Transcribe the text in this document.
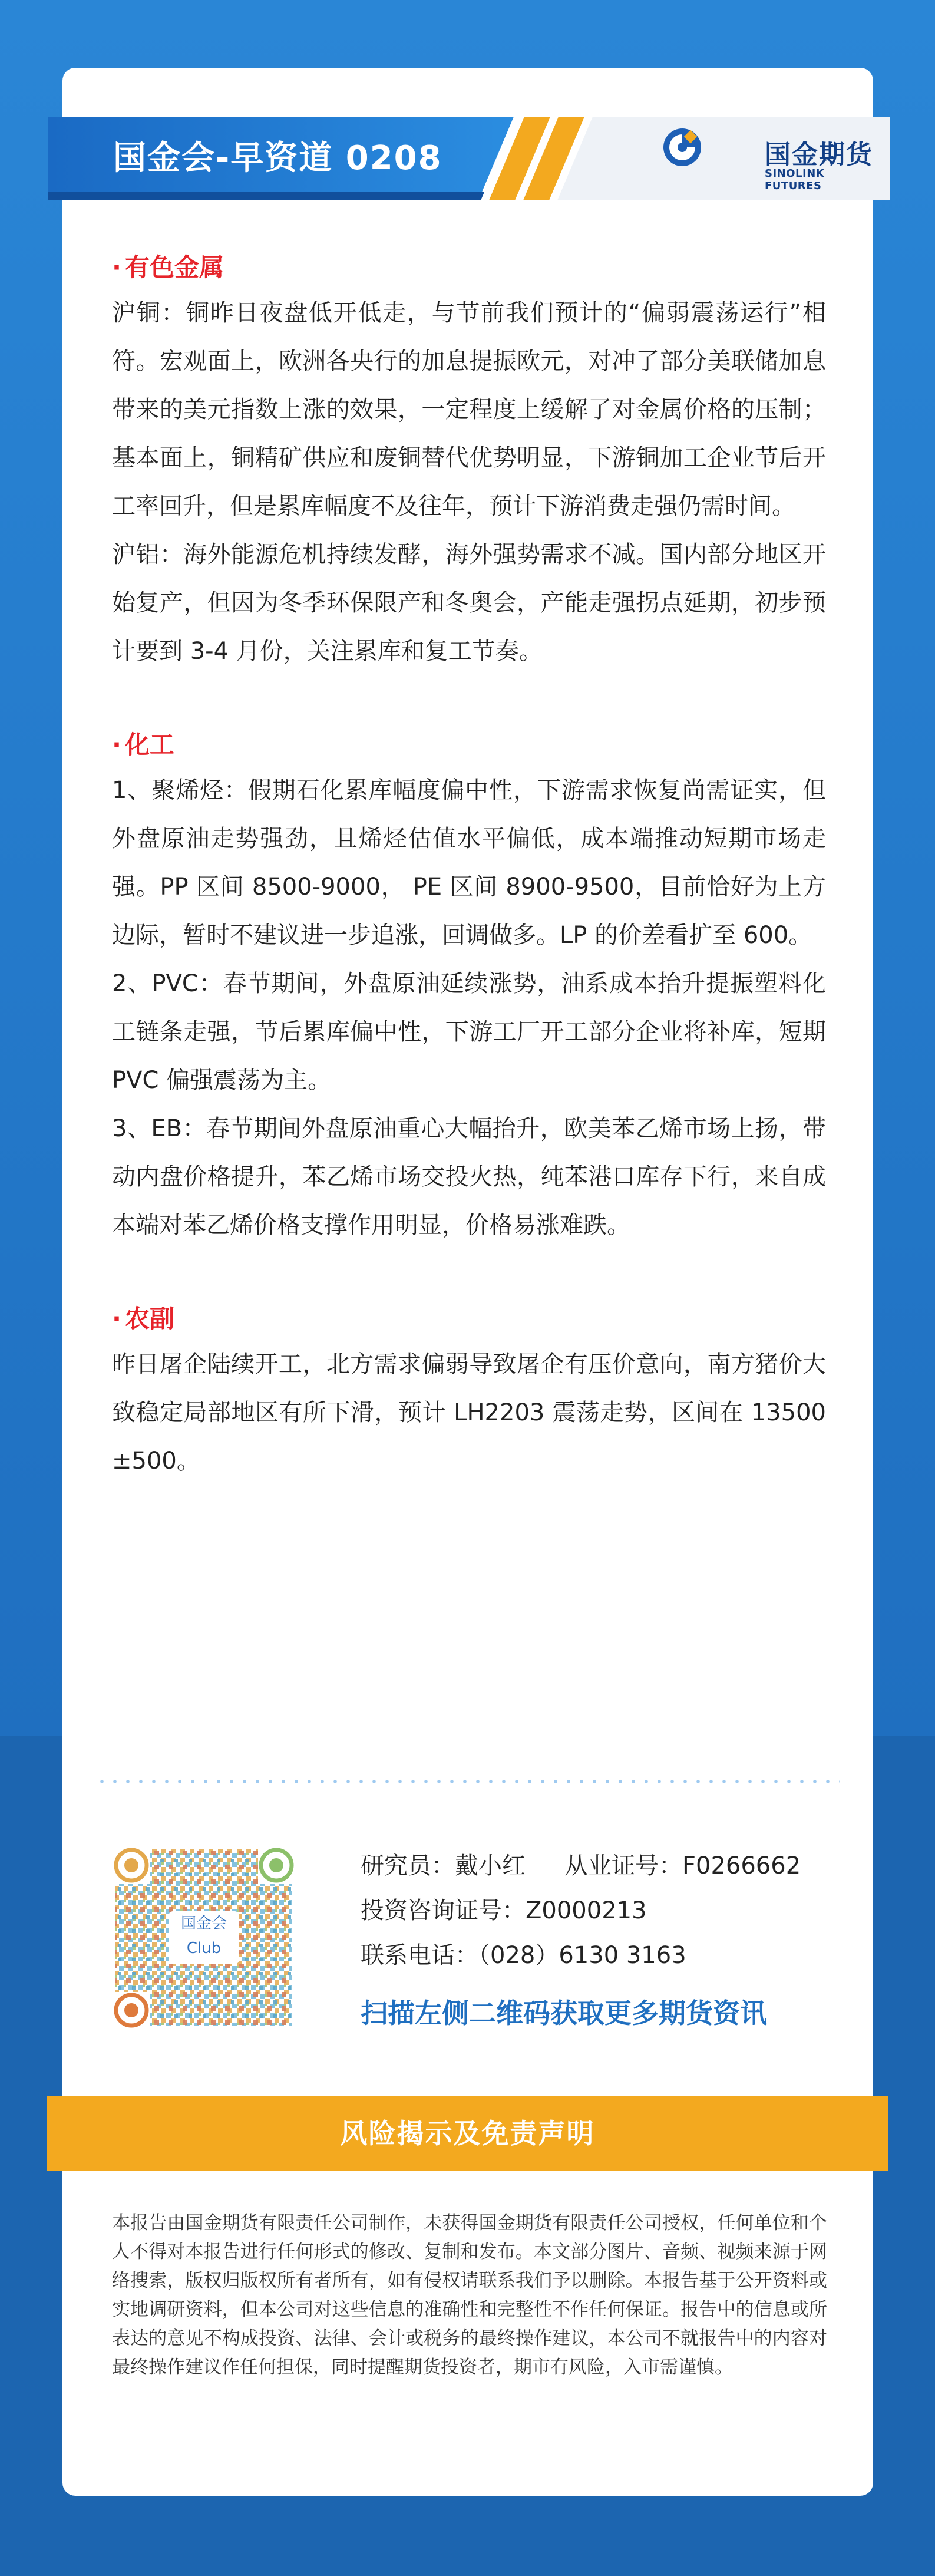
国金会-早资道 0208	国金期货
SINOLINK FUTURES
· 有色金属

沪铜：铜昨日夜盘低开低走，与节前我们预计的“偏弱震荡运行”相符。宏观面上，欧洲各央行的加息提振欧元，对冲了部分美联储加息带来的美元指数上涨的效果，一定程度上缓解了对金属价格的压制；基本面上，铜精矿供应和废铜替代优势明显，下游铜加工企业节后开工率回升，但是累库幅度不及往年，预计下游消费走强仍需时间。

沪铝：海外能源危机持续发酵，海外强势需求不减。国内部分地区开始复产，但因为冬季环保限产和冬奥会，产能走强拐点延期，初步预计要到 3-4 月份，关注累库和复工节奏。

· 化工

1、聚烯烃：假期石化累库幅度偏中性，下游需求恢复尚需证实，但外盘原油走势强劲，且烯烃估值水平偏低，成本端推动短期市场走强。PP 区间 8500-9000， PE 区间 8900-9500，目前恰好为上方边际，暂时不建议进一步追涨，回调做多。LP 的价差看扩至 600。

2、PVC：春节期间，外盘原油延续涨势，油系成本抬升提振塑料化工链条走强，节后累库偏中性，下游工厂开工部分企业将补库，短期 PVC 偏强震荡为主。

3、EB：春节期间外盘原油重心大幅抬升，欧美苯乙烯市场上扬，带动内盘价格提升，苯乙烯市场交投火热，纯苯港口库存下行，来自成本端对苯乙烯价格支撑作用明显，价格易涨难跌。

· 农副

昨日屠企陆续开工，北方需求偏弱导致屠企有压价意向，南方猪价大致稳定局部地区有所下滑，预计 LH2203 震荡走势，区间在 13500±500。

国金会
Club
研究员：戴小红 从业证号：F0266662
投资咨询证号：Z0000213
联系电话：（028）6130 3163
扫描左侧二维码获取更多期货资讯
风险揭示及免责声明

本报告由国金期货有限责任公司制作，未获得国金期货有限责任公司授权，任何单位和个人不得对本报告进行任何形式的修改、复制和发布。本文部分图片、音频、视频来源于网络搜索，版权归版权所有者所有，如有侵权请联系我们予以删除。本报告基于公开资料或实地调研资料，但本公司对这些信息的准确性和完整性不作任何保证。报告中的信息或所表达的意见不构成投资、法律、会计或税务的最终操作建议，本公司不就报告中的内容对最终操作建议作任何担保，同时提醒期货投资者，期市有风险，入市需谨慎。
